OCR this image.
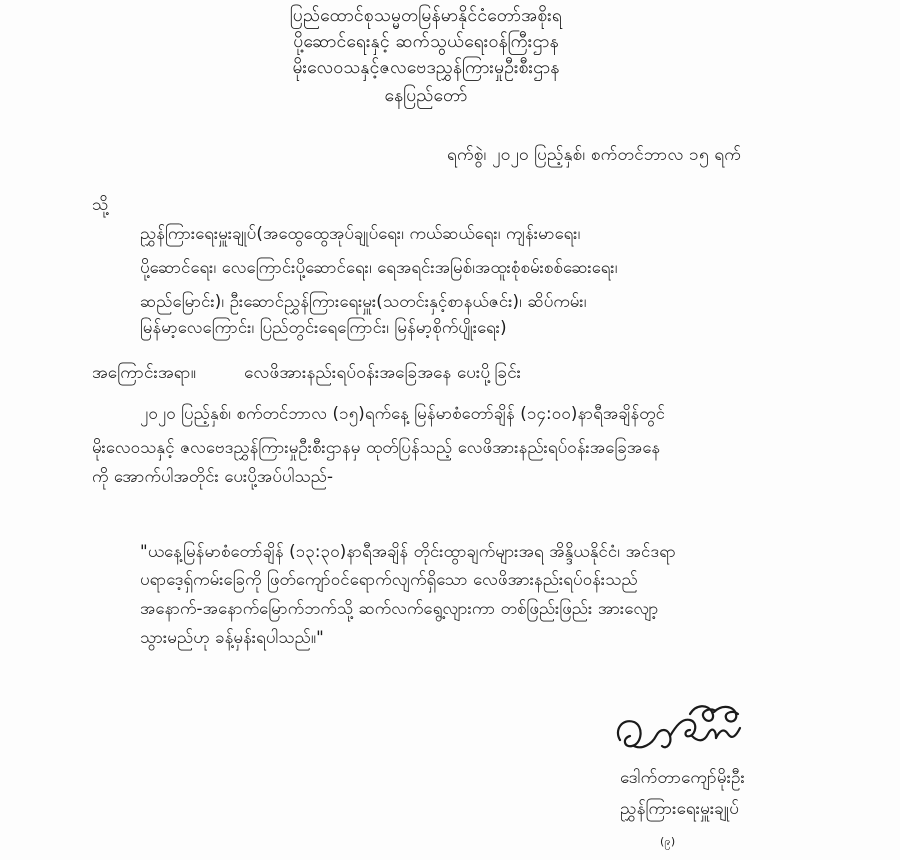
ပြည်ထောင်စုသမ္မတမြန်မာနိုင်ငံတော်အစိုးရ
ပို့ဆောင်ရေးနှင့် ဆက်သွယ်ရေးဝန်ကြီးဌာန
မိုးလေဝသနှင့်ဇလဗေဒညွှန်ကြားမှုဦးစီးဌာန
နေပြည်တော်
ရက်စွဲ၊ ၂၀၂၀ ပြည့်နှစ်၊ စက်တင်ဘာလ ၁၅ ရက်
သို့
ညွှန်ကြားရေးမှူးချုပ်(အထွေထွေအုပ်ချုပ်ရေး၊ ကယ်ဆယ်ရေး၊ ကျန်းမာရေး၊
ပို့ဆောင်ရေး၊ လေကြောင်းပို့ဆောင်ရေး၊ ရေအရင်းအမြစ်၊အထူးစုံစမ်းစစ်ဆေးရေး၊
ဆည်မြောင်း)၊ ဦးဆောင်ညွှန်ကြားရေးမှူး(သတင်းနှင့်စာနယ်ဇင်း)၊ ဆိပ်ကမ်း၊
မြန်မာ့လေကြောင်း၊ ပြည်တွင်းရေကြောင်း၊ မြန်မာ့စိုက်ပျိုးရေး)
အကြောင်းအရာ။	လေဖိအားနည်းရပ်ဝန်းအခြေအနေ ပေးပို့ခြင်း
၂၀၂၀ ပြည့်နှစ်၊ စက်တင်ဘာလ (၁၅)ရက်နေ့ မြန်မာစံတော်ချိန် (၁၄:၀၀)နာရီအချိန်တွင်
မိုးလေဝသနှင့် ဇလဗေဒညွှန်ကြားမှုဦးစီးဌာနမှ ထုတ်ပြန်သည့် လေဖိအားနည်းရပ်ဝန်းအခြေအနေ
ကို အောက်ပါအတိုင်း ပေးပို့အပ်ပါသည်-
"ယနေ့မြန်မာစံတော်ချိန် (၁၃:၃၀)နာရီအချိန် တိုင်းထွာချက်များအရ အိန္ဒိယနိုင်ငံ၊ အင်ဒရာ
ပရာဒေ့ရှ်ကမ်းခြေကို ဖြတ်ကျော်ဝင်ရောက်လျက်ရှိသော လေဖိအားနည်းရပ်ဝန်းသည်
အနောက်-အနောက်မြောက်ဘက်သို့ ဆက်လက်ရွေ့လျားကာ တစ်ဖြည်းဖြည်း အားလျော့
သွားမည်ဟု ခန့်မှန်းရပါသည်။"
ဒေါက်တာကျော်မိုးဦး
ညွှန်ကြားရေးမှူးချုပ်
(၉)
